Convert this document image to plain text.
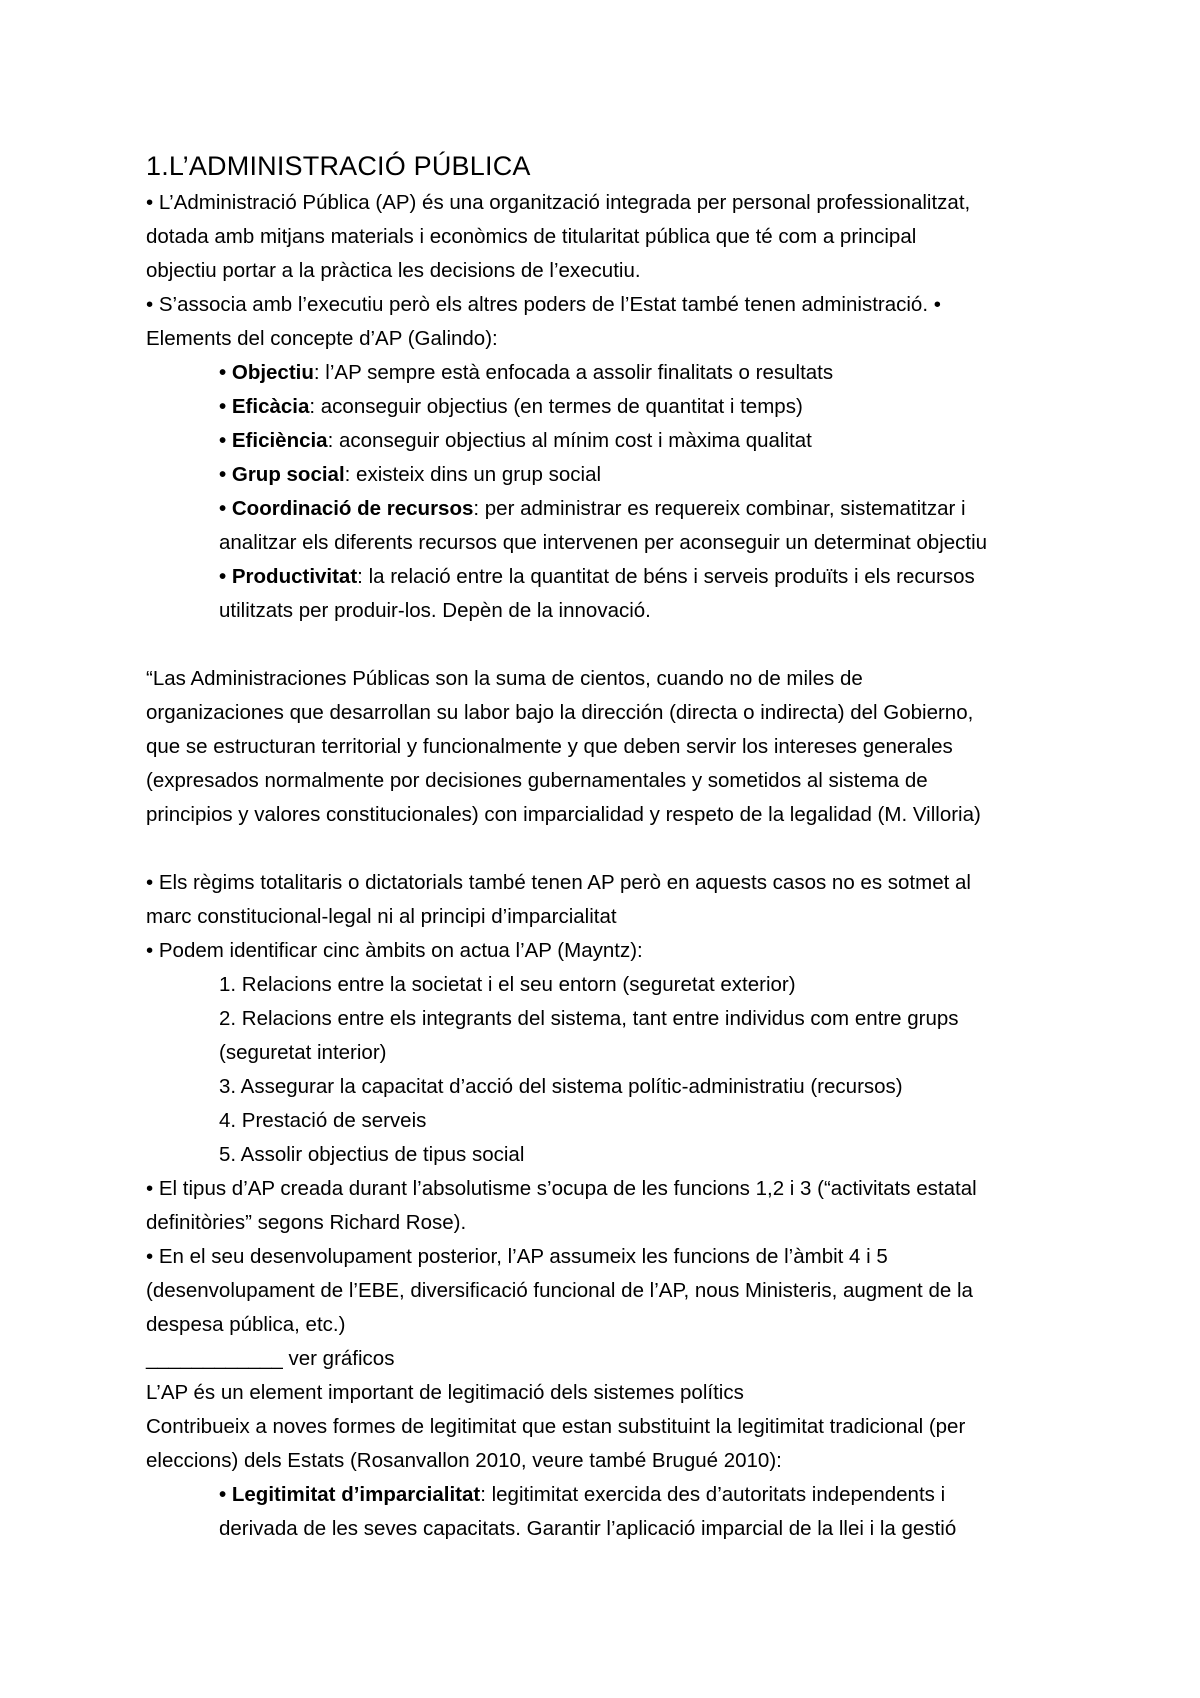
1.L’ADMINISTRACIÓ PÚBLICA
• L’Administració Pública (AP) és una organització integrada per personal professionalitzat,
dotada amb mitjans materials i econòmics de titularitat pública que té com a principal
objectiu portar a la pràctica les decisions de l’executiu.
• S’associa amb l’executiu però els altres poders de l’Estat també tenen administració. •
Elements del concepte d’AP (Galindo):
• Objectiu: l’AP sempre està enfocada a assolir finalitats o resultats
• Eficàcia: aconseguir objectius (en termes de quantitat i temps)
• Eficiència: aconseguir objectius al mínim cost i màxima qualitat
• Grup social: existeix dins un grup social
• Coordinació de recursos: per administrar es requereix combinar, sistematitzar i
analitzar els diferents recursos que intervenen per aconseguir un determinat objectiu
• Productivitat: la relació entre la quantitat de béns i serveis produïts i els recursos
utilitzats per produir-los. Depèn de la innovació.
“Las Administraciones Públicas son la suma de cientos, cuando no de miles de
organizaciones que desarrollan su labor bajo la dirección (directa o indirecta) del Gobierno,
que se estructuran territorial y funcionalmente y que deben servir los intereses generales
(expresados normalmente por decisiones gubernamentales y sometidos al sistema de
principios y valores constitucionales) con imparcialidad y respeto de la legalidad (M. Villoria)
• Els règims totalitaris o dictatorials també tenen AP però en aquests casos no es sotmet al
marc constitucional-legal ni al principi d’imparcialitat
• Podem identificar cinc àmbits on actua l’AP (Mayntz):
1. Relacions entre la societat i el seu entorn (seguretat exterior)
2. Relacions entre els integrants del sistema, tant entre individus com entre grups
(seguretat interior)
3. Assegurar la capacitat d’acció del sistema polític-administratiu (recursos)
4. Prestació de serveis
5. Assolir objectius de tipus social
• El tipus d’AP creada durant l’absolutisme s’ocupa de les funcions 1,2 i 3 (“activitats estatal
definitòries” segons Richard Rose).
• En el seu desenvolupament posterior, l’AP assumeix les funcions de l’àmbit 4 i 5
(desenvolupament de l’EBE, diversificació funcional de l’AP, nous Ministeris, augment de la
despesa pública, etc.)
____________ ver gráficos
L’AP és un element important de legitimació dels sistemes polítics
Contribueix a noves formes de legitimitat que estan substituint la legitimitat tradicional (per
eleccions) dels Estats (Rosanvallon 2010, veure també Brugué 2010):
• Legitimitat d’imparcialitat: legitimitat exercida des d’autoritats independents i
derivada de les seves capacitats. Garantir l’aplicació imparcial de la llei i la gestió
